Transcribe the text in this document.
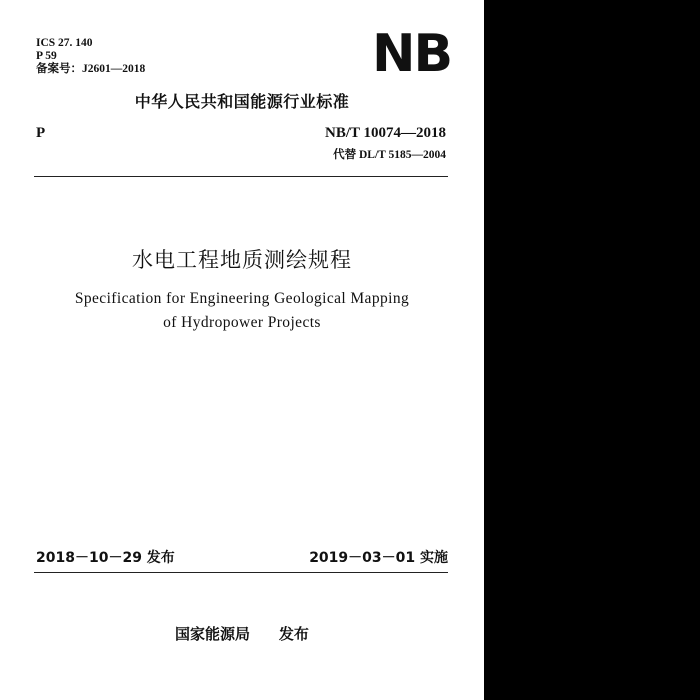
ICS 27. 140
P 59
备案号：J2601—2018	NB
中华人民共和国能源行业标准
P	NB/T 10074—2018
代替 DL/T 5185—2004
水电工程地质测绘规程
Specification for Engineering Geological Mapping
of Hydropower Projects
2018－10－29 发布	2019－03－01 实施
国家能源局    发布
